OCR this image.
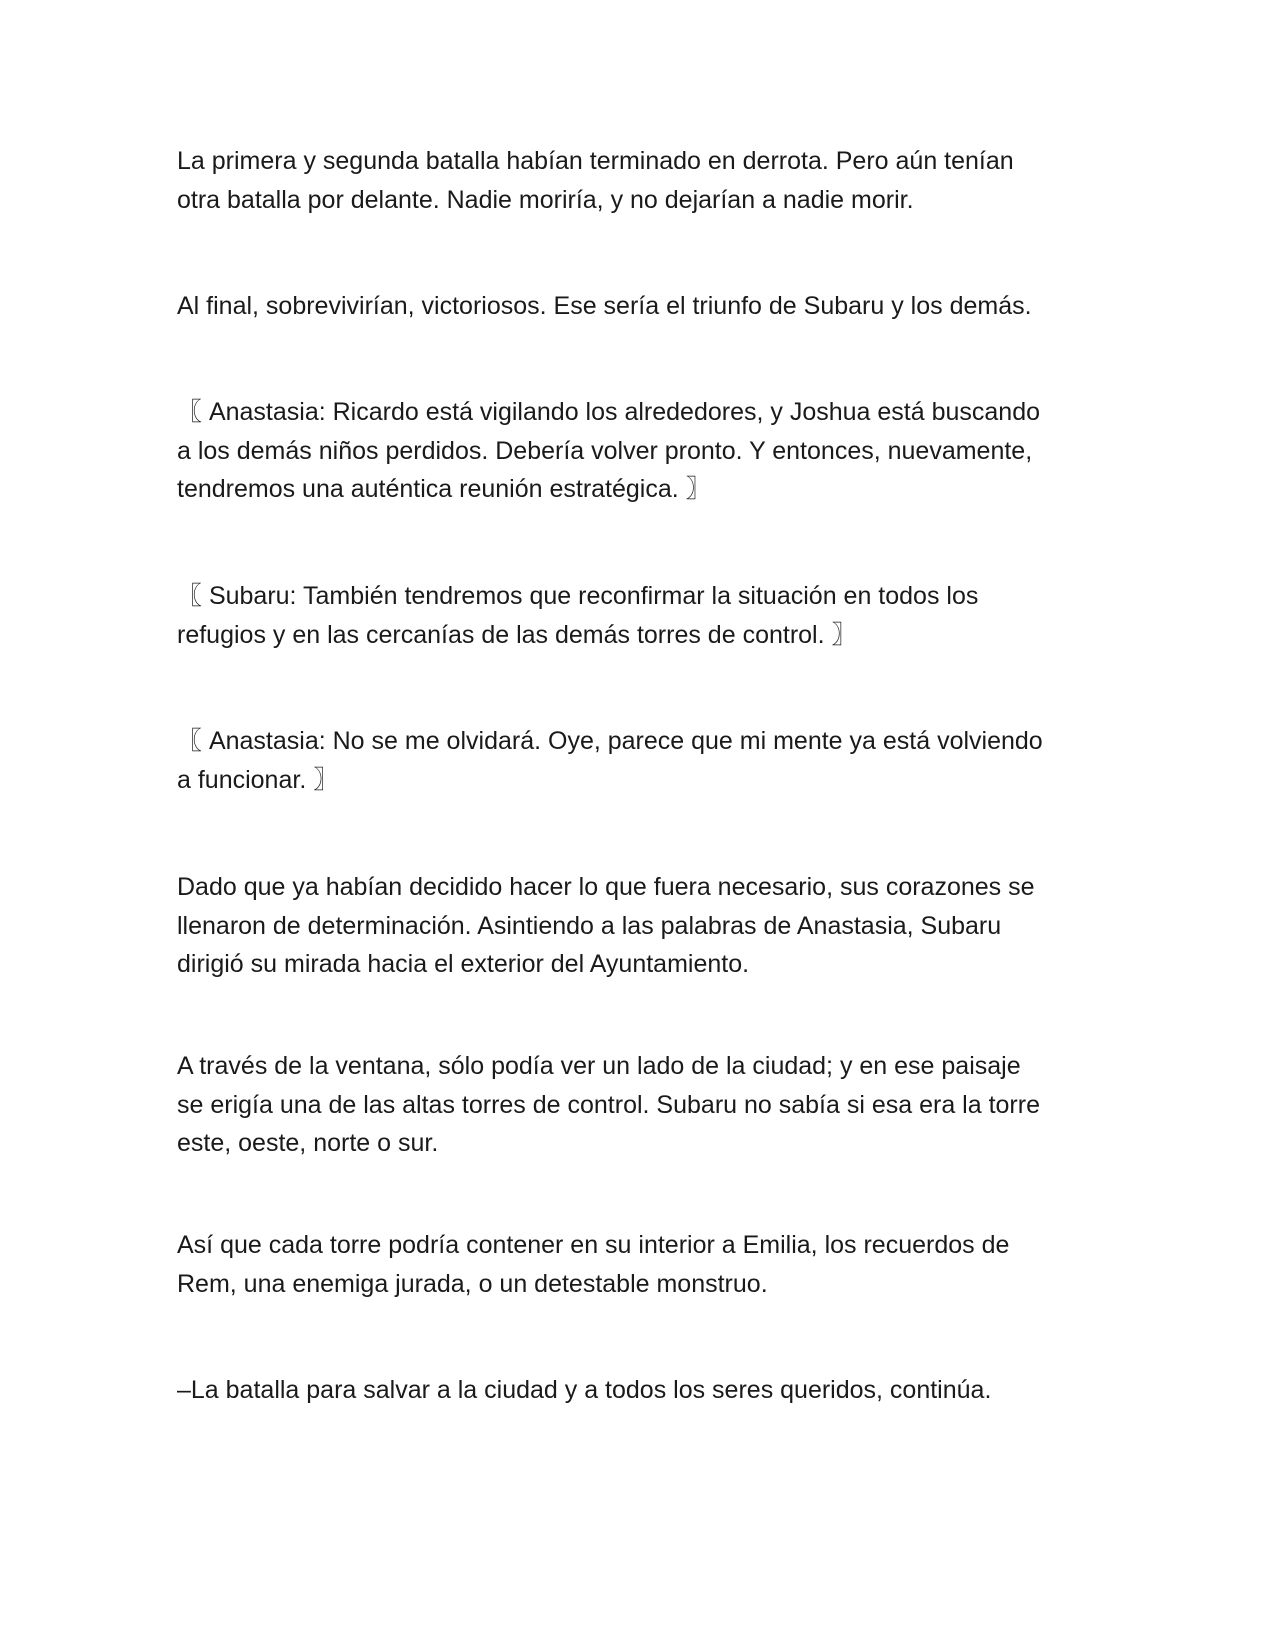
La primera y segunda batalla habían terminado en derrota. Pero aún tenían
otra batalla por delante. Nadie moriría, y no dejarían a nadie morir.

Al final, sobrevivirían, victoriosos. Ese sería el triunfo de Subaru y los demás.

〖 Anastasia: Ricardo está vigilando los alrededores, y Joshua está buscando
a los demás niños perdidos. Debería volver pronto. Y entonces, nuevamente,
tendremos una auténtica reunión estratégica. 〗

〖 Subaru: También tendremos que reconfirmar la situación en todos los
refugios y en las cercanías de las demás torres de control. 〗

〖 Anastasia: No se me olvidará. Oye, parece que mi mente ya está volviendo
a funcionar. 〗

Dado que ya habían decidido hacer lo que fuera necesario, sus corazones se
llenaron de determinación. Asintiendo a las palabras de Anastasia, Subaru
dirigió su mirada hacia el exterior del Ayuntamiento.

A través de la ventana, sólo podía ver un lado de la ciudad; y en ese paisaje
se erigía una de las altas torres de control. Subaru no sabía si esa era la torre
este, oeste, norte o sur.

Así que cada torre podría contener en su interior a Emilia, los recuerdos de
Rem, una enemiga jurada, o un detestable monstruo.

–La batalla para salvar a la ciudad y a todos los seres queridos, continúa.
